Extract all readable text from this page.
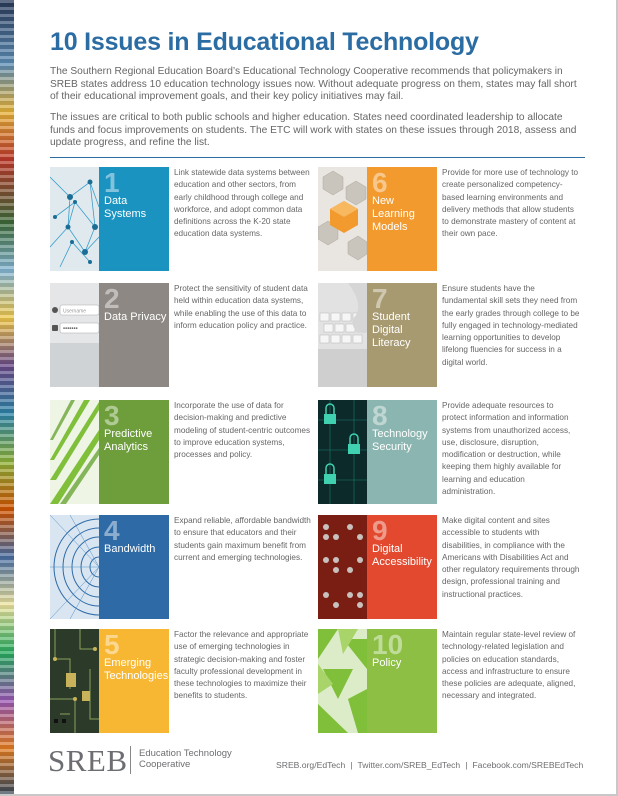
10 Issues in Educational Technology

The Southern Regional Education Board’s Educational Technology Cooperative recommends that policymakers in SREB states address 10 education technology issues now. Without adequate progress on them, states may fall short of their educational improvement goals, and their key policy initiatives may fail.

The issues are critical to both public schools and higher education. States need coordinated leadership to allocate funds and focus improvements on students. The ETC will work with states on these issues through 2018, assess and update progress, and refine the list.

1
Data Systems
Link statewide data systems between education and other sectors, from early childhood through college and workforce, and adopt common data definitions across the K-20 state education data systems.
Username
•••••••
2
Data Privacy
Protect the sensitivity of student data held within education data systems, while enabling the use of this data to inform education policy and practice.
3
Predictive Analytics
Incorporate the use of data for decision-making and predictive modeling of student-centric outcomes to improve education systems, processes and policy.
4
Bandwidth
Expand reliable, affordable bandwidth to ensure that educators and their students gain maximum benefit from current and emerging technologies.
5
Emerging Technologies
Factor the relevance and appropriate use of emerging technologies in strategic decision-making and foster faculty professional development in these technologies to maximize their benefits to students.
6
New Learning Models
Provide for more use of technology to create personalized competency-based learning environments and delivery methods that allow students to demonstrate mastery of content at their own pace.
7
Student Digital Literacy
Ensure students have the fundamental skill sets they need from the early grades through college to be fully engaged in technology-mediated learning opportunities to develop lifelong fluencies for success in a digital world.
8
Technology Security
Provide adequate resources to protect information and information systems from unauthorized access, use, disclosure, disruption, modification or destruction, while keeping them highly available for learning and education administration.
9
Digital Accessibility
Make digital content and sites accessible to students with disabilities, in compliance with the Americans with Disabilities Act and other regulatory requirements through design, professional training and instructional practices.
10
Policy
Maintain regular state-level review of technology-related legislation and policies on education standards, access and infrastructure to ensure these policies are adequate, aligned, necessary and integrated.
SREB Education Technology
Cooperative	SREB.org/EdTech | Twitter.com/SREB_EdTech | Facebook.com/SREBEdTech
